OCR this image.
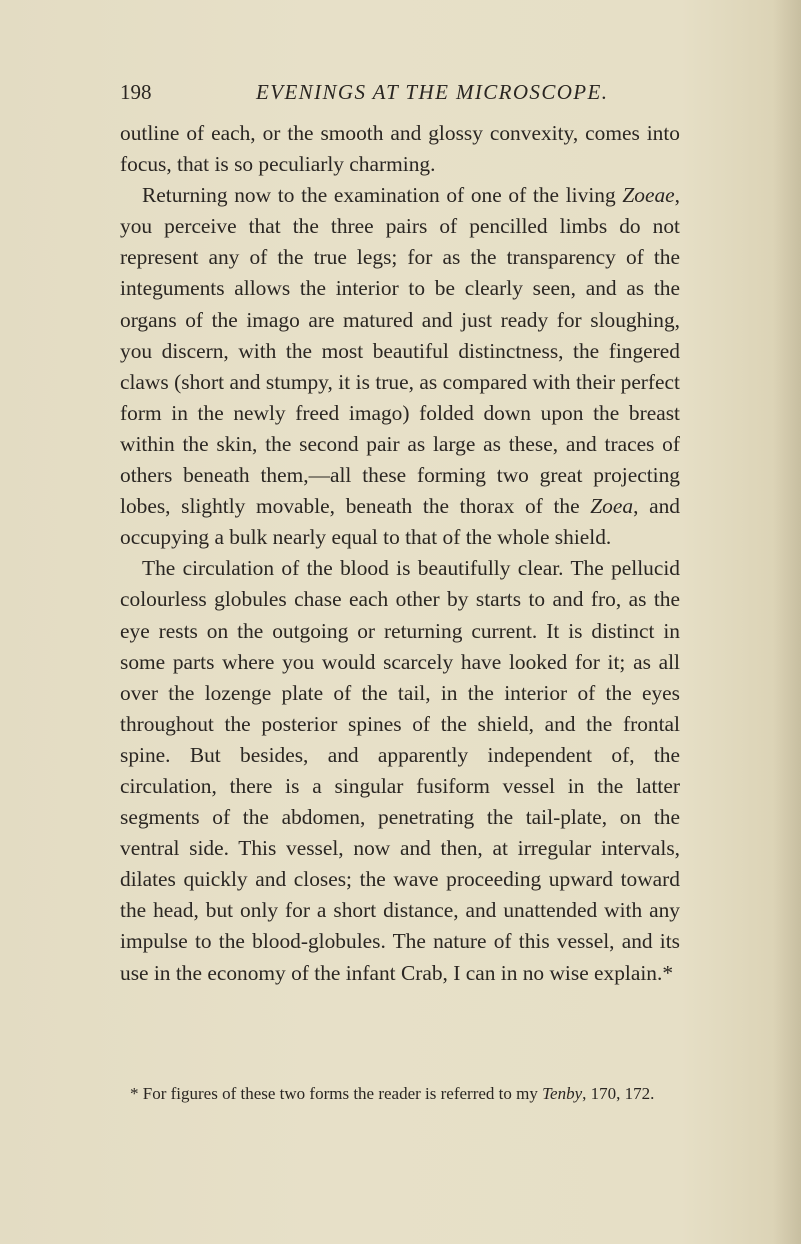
198	EVENINGS AT THE MICROSCOPE.

outline of each, or the smooth and glossy convexity, comes into focus, that is so peculiarly charming.

Returning now to the examination of one of the living Zoeae, you perceive that the three pairs of pencilled limbs do not represent any of the true legs; for as the transparency of the integuments allows the interior to be clearly seen, and as the organs of the imago are matured and just ready for sloughing, you discern, with the most beautiful distinctness, the fingered claws (short and stumpy, it is true, as compared with their perfect form in the newly freed imago) folded down upon the breast within the skin, the second pair as large as these, and traces of others beneath them,—all these forming two great projecting lobes, slightly movable, beneath the thorax of the Zoea, and occupying a bulk nearly equal to that of the whole shield.

The circulation of the blood is beautifully clear. The pellucid colourless globules chase each other by starts to and fro, as the eye rests on the outgoing or returning current. It is distinct in some parts where you would scarcely have looked for it; as all over the lozenge plate of the tail, in the interior of the eyes throughout the posterior spines of the shield, and the frontal spine. But besides, and apparently independent of, the circulation, there is a singular fusiform vessel in the latter segments of the abdomen, penetrating the tail-plate, on the ventral side. This vessel, now and then, at irregular intervals, dilates quickly and closes; the wave proceeding upward toward the head, but only for a short distance, and unattended with any impulse to the blood-globules. The nature of this vessel, and its use in the economy of the infant Crab, I can in no wise explain.*

* For figures of these two forms the reader is referred to my Tenby, 170, 172.
